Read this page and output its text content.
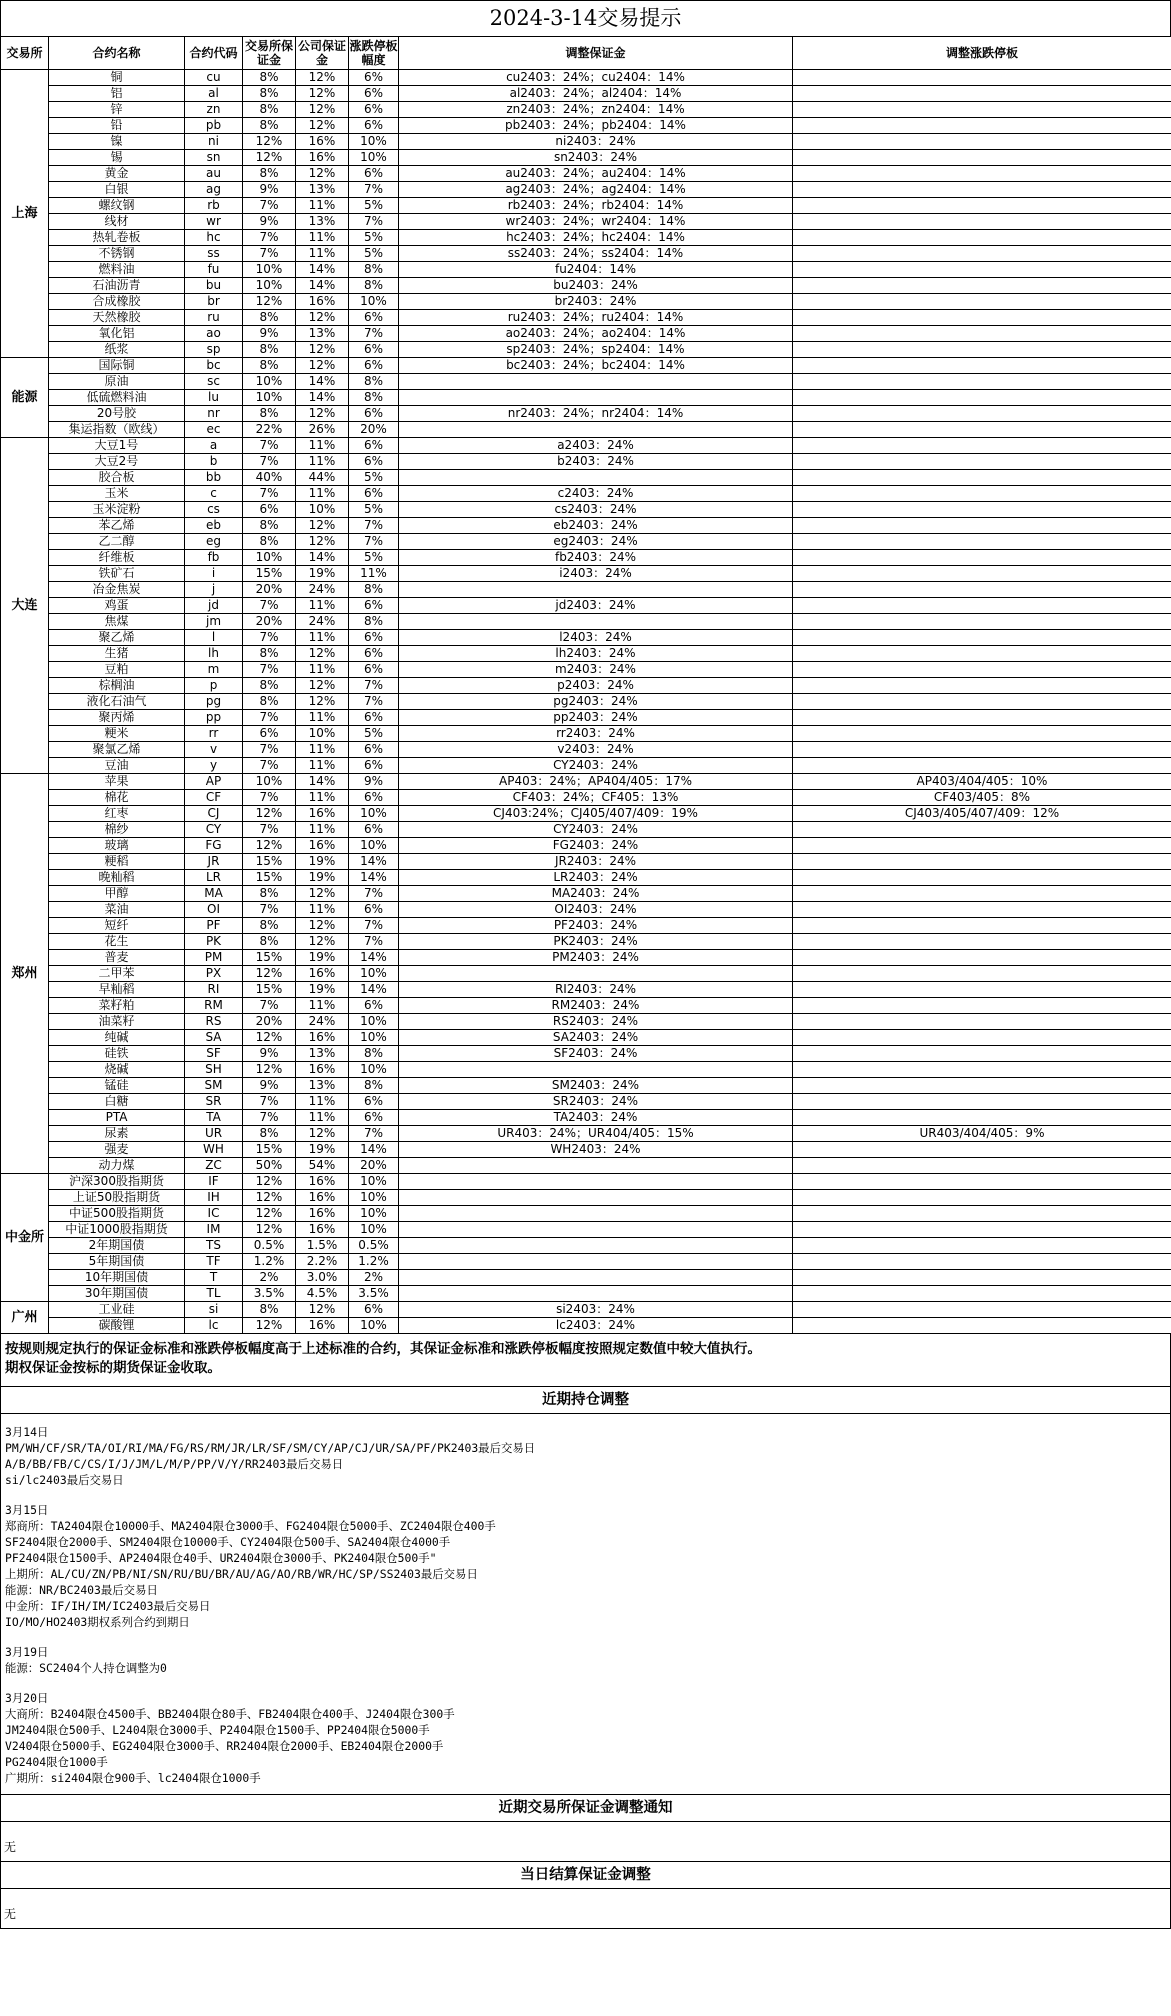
2024-3-14交易提示
交易所	合约名称	合约代码	交易所保证金	公司保证金	涨跌停板幅度	调整保证金	调整涨跌停板
上海	铜	cu	8%	12%	6%	cu2403：24%；cu2404：14%	
	铝	al	8%	12%	6%	al2403：24%；al2404：14%	
	锌	zn	8%	12%	6%	zn2403：24%；zn2404：14%	
	铅	pb	8%	12%	6%	pb2403：24%；pb2404：14%	
	镍	ni	12%	16%	10%	ni2403：24%	
	锡	sn	12%	16%	10%	sn2403：24%	
	黄金	au	8%	12%	6%	au2403：24%；au2404：14%	
	白银	ag	9%	13%	7%	ag2403：24%；ag2404：14%	
	螺纹钢	rb	7%	11%	5%	rb2403：24%；rb2404：14%	
	线材	wr	9%	13%	7%	wr2403：24%；wr2404：14%	
	热轧卷板	hc	7%	11%	5%	hc2403：24%；hc2404：14%	
	不锈钢	ss	7%	11%	5%	ss2403：24%；ss2404：14%	
	燃料油	fu	10%	14%	8%	fu2404：14%	
	石油沥青	bu	10%	14%	8%	bu2403：24%	
	合成橡胶	br	12%	16%	10%	br2403：24%	
	天然橡胶	ru	8%	12%	6%	ru2403：24%；ru2404：14%	
	氧化铝	ao	9%	13%	7%	ao2403：24%；ao2404：14%	
	纸浆	sp	8%	12%	6%	sp2403：24%；sp2404：14%	
能源	国际铜	bc	8%	12%	6%	bc2403：24%；bc2404：14%	
	原油	sc	10%	14%	8%		
	低硫燃料油	lu	10%	14%	8%		
	20号胶	nr	8%	12%	6%	nr2403：24%；nr2404：14%	
	集运指数（欧线）	ec	22%	26%	20%		
大连	大豆1号	a	7%	11%	6%	a2403：24%	
	大豆2号	b	7%	11%	6%	b2403：24%	
	胶合板	bb	40%	44%	5%		
	玉米	c	7%	11%	6%	c2403：24%	
	玉米淀粉	cs	6%	10%	5%	cs2403：24%	
	苯乙烯	eb	8%	12%	7%	eb2403：24%	
	乙二醇	eg	8%	12%	7%	eg2403：24%	
	纤维板	fb	10%	14%	5%	fb2403：24%	
	铁矿石	i	15%	19%	11%	i2403：24%	
	冶金焦炭	j	20%	24%	8%		
	鸡蛋	jd	7%	11%	6%	jd2403：24%	
	焦煤	jm	20%	24%	8%		
	聚乙烯	l	7%	11%	6%	l2403：24%	
	生猪	lh	8%	12%	6%	lh2403：24%	
	豆粕	m	7%	11%	6%	m2403：24%	
	棕榈油	p	8%	12%	7%	p2403：24%	
	液化石油气	pg	8%	12%	7%	pg2403：24%	
	聚丙烯	pp	7%	11%	6%	pp2403：24%	
	粳米	rr	6%	10%	5%	rr2403：24%	
	聚氯乙烯	v	7%	11%	6%	v2403：24%	
	豆油	y	7%	11%	6%	CY2403：24%	
郑州	苹果	AP	10%	14%	9%	AP403：24%；AP404/405：17%	AP403/404/405：10%
	棉花	CF	7%	11%	6%	CF403：24%；CF405：13%	CF403/405：8%
	红枣	CJ	12%	16%	10%	CJ403:24%；CJ405/407/409：19%	CJ403/405/407/409：12%
	棉纱	CY	7%	11%	6%	CY2403：24%	
	玻璃	FG	12%	16%	10%	FG2403：24%	
	粳稻	JR	15%	19%	14%	JR2403：24%	
	晚籼稻	LR	15%	19%	14%	LR2403：24%	
	甲醇	MA	8%	12%	7%	MA2403：24%	
	菜油	OI	7%	11%	6%	OI2403：24%	
	短纤	PF	8%	12%	7%	PF2403：24%	
	花生	PK	8%	12%	7%	PK2403：24%	
	普麦	PM	15%	19%	14%	PM2403：24%	
	二甲苯	PX	12%	16%	10%		
	早籼稻	RI	15%	19%	14%	RI2403：24%	
	菜籽粕	RM	7%	11%	6%	RM2403：24%	
	油菜籽	RS	20%	24%	10%	RS2403：24%	
	纯碱	SA	12%	16%	10%	SA2403：24%	
	硅铁	SF	9%	13%	8%	SF2403：24%	
	烧碱	SH	12%	16%	10%		
	锰硅	SM	9%	13%	8%	SM2403：24%	
	白糖	SR	7%	11%	6%	SR2403：24%	
	PTA	TA	7%	11%	6%	TA2403：24%	
	尿素	UR	8%	12%	7%	UR403：24%；UR404/405：15%	UR403/404/405：9%
	强麦	WH	15%	19%	14%	WH2403：24%	
	动力煤	ZC	50%	54%	20%		
中金所	沪深300股指期货	IF	12%	16%	10%		
	上证50股指期货	IH	12%	16%	10%		
	中证500股指期货	IC	12%	16%	10%		
	中证1000股指期货	IM	12%	16%	10%		
	2年期国债	TS	0.5%	1.5%	0.5%		
	5年期国债	TF	1.2%	2.2%	1.2%		
	10年期国债	T	2%	3.0%	2%		
	30年期国债	TL	3.5%	4.5%	3.5%		
广州	工业硅	si	8%	12%	6%	si2403：24%	
	碳酸锂	lc	12%	16%	10%	lc2403：24%	
按规则规定执行的保证金标准和涨跌停板幅度高于上述标准的合约，其保证金标准和涨跌停板幅度按照规定数值中较大值执行。
期权保证金按标的期货保证金收取。
近期持仓调整
3月14日
PM/WH/CF/SR/TA/OI/RI/MA/FG/RS/RM/JR/LR/SF/SM/CY/AP/CJ/UR/SA/PF/PK2403最后交易日
A/B/BB/FB/C/CS/I/J/JM/L/M/P/PP/V/Y/RR2403最后交易日
si/lc2403最后交易日
3月15日
郑商所：TA2404限仓10000手、MA2404限仓3000手、FG2404限仓5000手、ZC2404限仓400手
SF2404限仓2000手、SM2404限仓10000手、CY2404限仓500手、SA2404限仓4000手
PF2404限仓1500手、AP2404限仓40手、UR2404限仓3000手、PK2404限仓500手"
上期所：AL/CU/ZN/PB/NI/SN/RU/BU/BR/AU/AG/AO/RB/WR/HC/SP/SS2403最后交易日
能源：NR/BC2403最后交易日
中金所：IF/IH/IM/IC2403最后交易日
IO/MO/HO2403期权系列合约到期日
3月19日
能源：SC2404个人持仓调整为0
3月20日
大商所：B2404限仓4500手、BB2404限仓80手、FB2404限仓400手、J2404限仓300手
JM2404限仓500手、L2404限仓3000手、P2404限仓1500手、PP2404限仓5000手
V2404限仓5000手、EG2404限仓3000手、RR2404限仓2000手、EB2404限仓2000手
PG2404限仓1000手
广期所：si2404限仓900手、lc2404限仓1000手
近期交易所保证金调整通知
无
当日结算保证金调整
无
